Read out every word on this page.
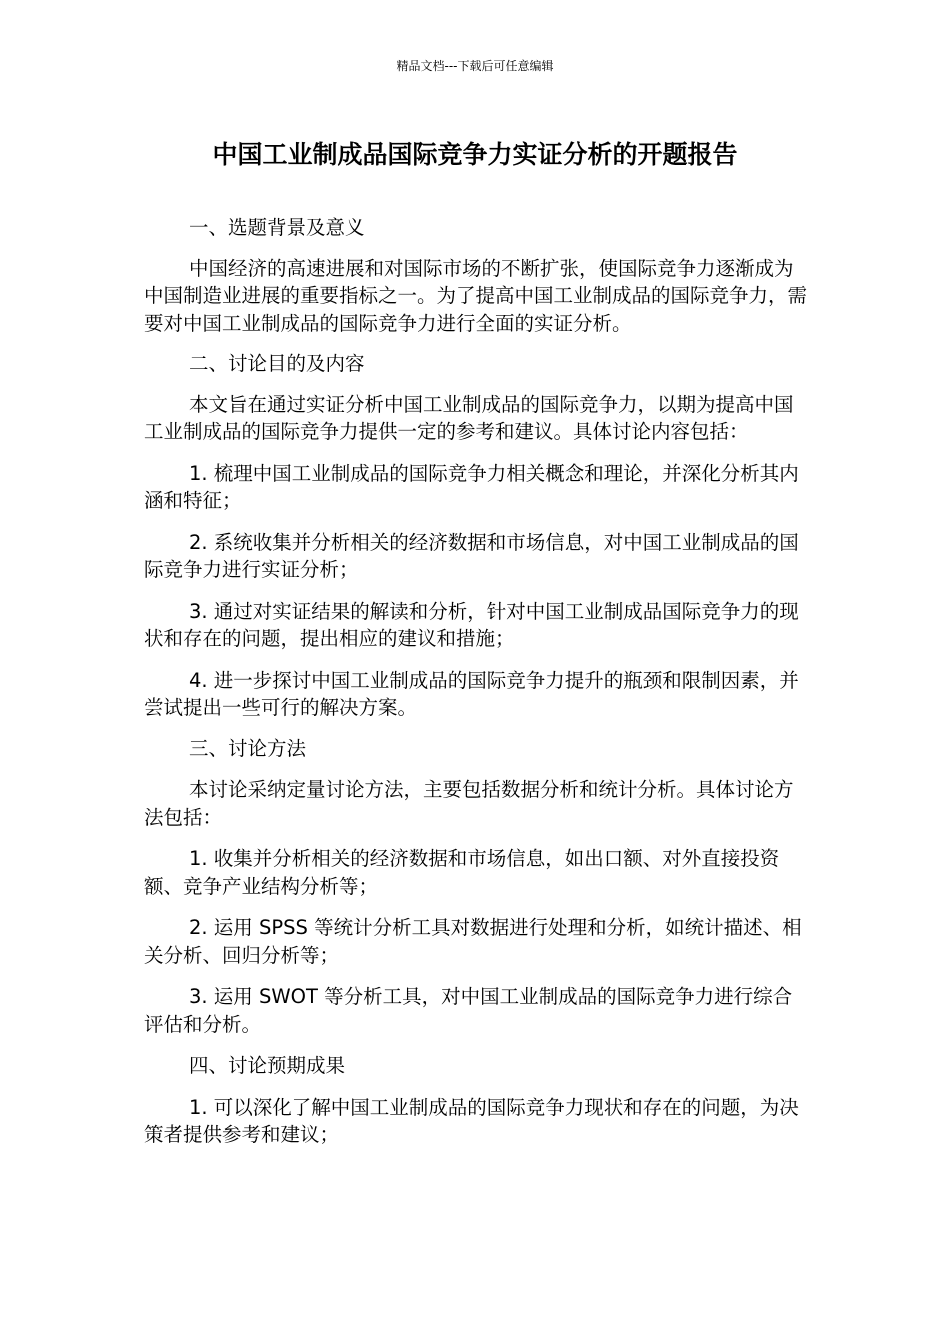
精品文档---下载后可任意编辑
中国工业制成品国际竞争力实证分析的开题报告

一、选题背景及意义

中国经济的高速进展和对国际市场的不断扩张，使国际竞争力逐渐成为中国制造业进展的重要指标之一。为了提高中国工业制成品的国际竞争力，需要对中国工业制成品的国际竞争力进行全面的实证分析。

二、讨论目的及内容

本文旨在通过实证分析中国工业制成品的国际竞争力，以期为提高中国工业制成品的国际竞争力提供一定的参考和建议。具体讨论内容包括：

1. 梳理中国工业制成品的国际竞争力相关概念和理论，并深化分析其内涵和特征；

2. 系统收集并分析相关的经济数据和市场信息，对中国工业制成品的国际竞争力进行实证分析；

3. 通过对实证结果的解读和分析，针对中国工业制成品国际竞争力的现状和存在的问题，提出相应的建议和措施；

4. 进一步探讨中国工业制成品的国际竞争力提升的瓶颈和限制因素，并尝试提出一些可行的解决方案。

三、讨论方法

本讨论采纳定量讨论方法，主要包括数据分析和统计分析。具体讨论方法包括：

1. 收集并分析相关的经济数据和市场信息，如出口额、对外直接投资额、竞争产业结构分析等；

2. 运用 SPSS 等统计分析工具对数据进行处理和分析，如统计描述、相关分析、回归分析等；

3. 运用 SWOT 等分析工具，对中国工业制成品的国际竞争力进行综合评估和分析。

四、讨论预期成果

1. 可以深化了解中国工业制成品的国际竞争力现状和存在的问题，为决策者提供参考和建议；
